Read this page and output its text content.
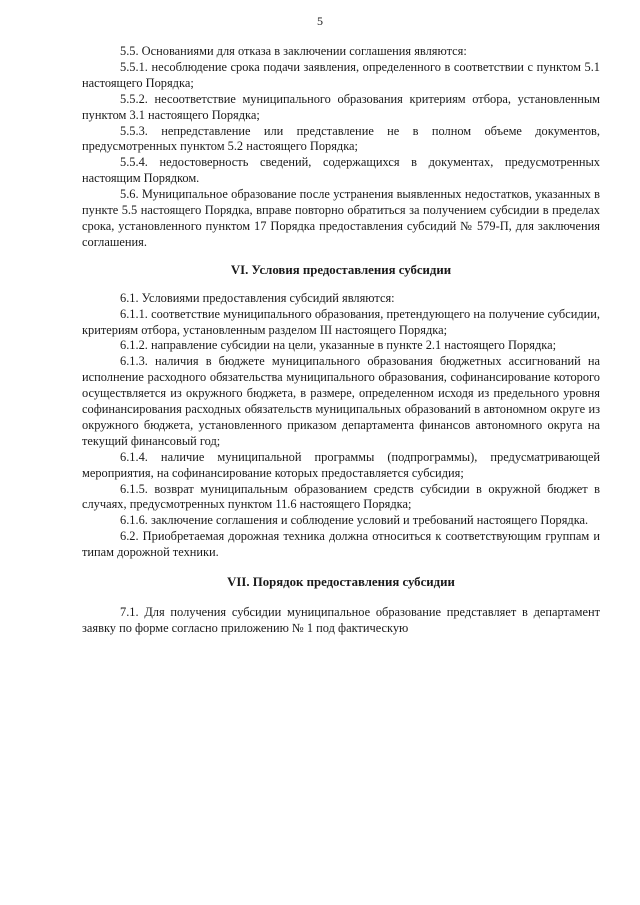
5

5.5. Основаниями для отказа в заключении соглашения являются:

5.5.1. несоблюдение срока подачи заявления, определенного в соответствии с пунктом 5.1 настоящего Порядка;

5.5.2. несоответствие муниципального образования критериям отбора, установленным пунктом 3.1 настоящего Порядка;

5.5.3. непредставление или представление не в полном объеме документов, предусмотренных пунктом 5.2 настоящего Порядка;

5.5.4. недостоверность сведений, содержащихся в документах, предусмотренных настоящим Порядком.

5.6. Муниципальное образование после устранения выявленных недостатков, указанных в пункте 5.5 настоящего Порядка, вправе повторно обратиться за получением субсидии в пределах срока, установленного пунктом 17 Порядка предоставления субсидий № 579-П, для заключения соглашения.

VI. Условия предоставления субсидии

6.1. Условиями предоставления субсидий являются:

6.1.1. соответствие муниципального образования, претендующего на получение субсидии, критериям отбора, установленным разделом III настоящего Порядка;

6.1.2. направление субсидии на цели, указанные в пункте 2.1 настоящего Порядка;

6.1.3. наличия в бюджете муниципального образования бюджетных ассигнований на исполнение расходного обязательства муниципального образования, софинансирование которого осуществляется из окружного бюджета, в размере, определенном исходя из предельного уровня софинансирования расходных обязательств муниципальных образований в автономном округе из окружного бюджета, установленного приказом департамента финансов автономного округа на текущий финансовый год;

6.1.4. наличие муниципальной программы (подпрограммы), предусматривающей мероприятия, на софинансирование которых предоставляется субсидия;

6.1.5. возврат муниципальным образованием средств субсидии в окружной бюджет в случаях, предусмотренных пунктом 11.6 настоящего Порядка;

6.1.6. заключение соглашения и соблюдение условий и требований настоящего Порядка.

6.2. Приобретаемая дорожная техника должна относиться к соответствующим группам и типам дорожной техники.

VII. Порядок предоставления субсидии

7.1. Для получения субсидии муниципальное образование представляет в департамент заявку по форме согласно приложению № 1 под фактическую
